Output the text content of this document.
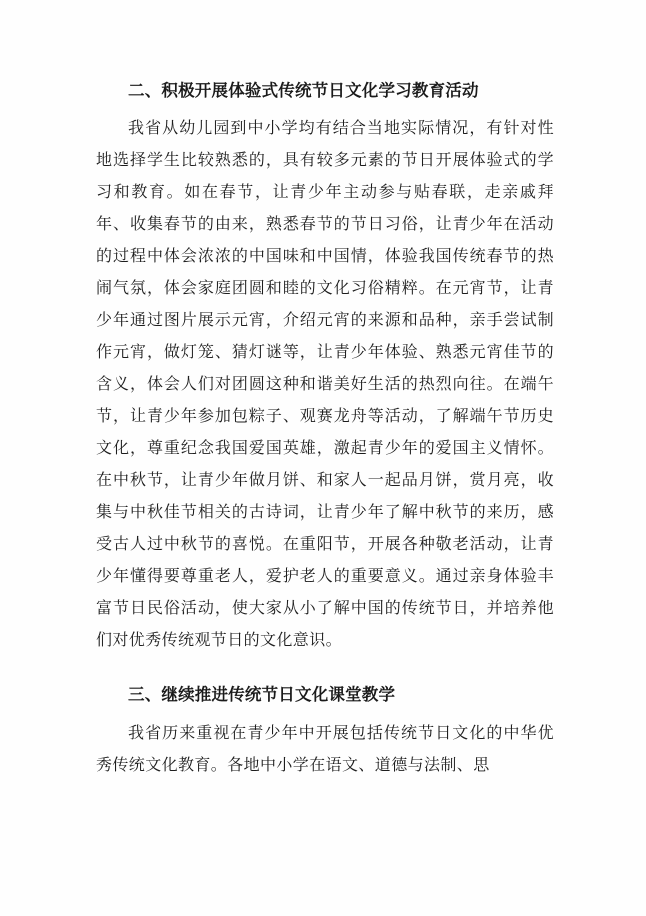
二、积极开展体验式传统节日文化学习教育活动

我省从幼儿园到中小学均有结合当地实际情况，有针对性地选择学生比较熟悉的，具有较多元素的节日开展体验式的学习和教育。如在春节，让青少年主动参与贴春联，走亲戚拜年、收集春节的由来，熟悉春节的节日习俗，让青少年在活动的过程中体会浓浓的中国味和中国情，体验我国传统春节的热闹气氛，体会家庭团圆和睦的文化习俗精粹。在元宵节，让青少年通过图片展示元宵，介绍元宵的来源和品种，亲手尝试制作元宵，做灯笼、猜灯谜等，让青少年体验、熟悉元宵佳节的含义，体会人们对团圆这种和谐美好生活的热烈向往。在端午节，让青少年参加包粽子、观赛龙舟等活动，了解端午节历史文化，尊重纪念我国爱国英雄，激起青少年的爱国主义情怀。在中秋节，让青少年做月饼、和家人一起品月饼，赏月亮，收集与中秋佳节相关的古诗词，让青少年了解中秋节的来历，感受古人过中秋节的喜悦。在重阳节，开展各种敬老活动，让青少年懂得要尊重老人，爱护老人的重要意义。通过亲身体验丰富节日民俗活动，使大家从小了解中国的传统节日，并培养他们对优秀传统观节日的文化意识。

三、继续推进传统节日文化课堂教学

我省历来重视在青少年中开展包括传统节日文化的中华优秀传统文化教育。各地中小学在语文、道德与法制、思
